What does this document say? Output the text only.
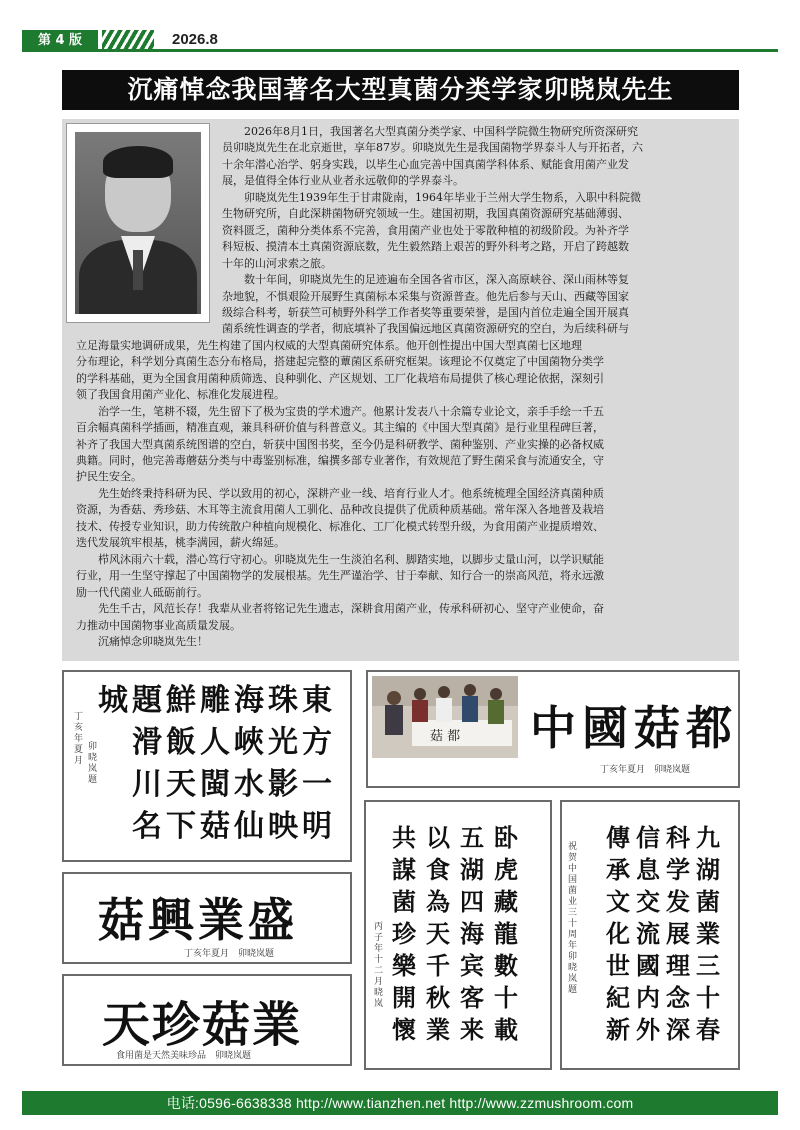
第 4 版	2026.8
沉痛悼念我国著名大型真菌分类学家卯晓岚先生
2026年8月1日，我国著名大型真菌分类学家、中国科学院微生物研究所资深研究
员卯晓岚先生在北京逝世，享年87岁。卯晓岚先生是我国菌物学界泰斗人与开拓者，六
十余年潜心治学、躬身实践，以毕生心血完善中国真菌学科体系、赋能食用菌产业发
展，是值得全体行业从业者永远敬仰的学界泰斗。
卯晓岚先生1939年生于甘肃陇南，1964年毕业于兰州大学生物系，入职中科院微
生物研究所，自此深耕菌物研究领域一生。建国初期，我国真菌资源研究基础薄弱、
资料匮乏，菌种分类体系不完善，食用菌产业也处于零散种植的初级阶段。为补齐学
科短板、摸清本土真菌资源底数，先生毅然踏上艰苦的野外科考之路，开启了跨越数
十年的山河求索之旅。
数十年间，卯晓岚先生的足迹遍布全国各省市区，深入高原峡谷、深山雨林等复
杂地貌，不惧艰险开展野生真菌标本采集与资源普查。他先后参与天山、西藏等国家
级综合科考，斩获竺可桢野外科学工作者奖等重要荣誉，是国内首位走遍全国开展真
菌系统性调查的学者，彻底填补了我国偏远地区真菌资源研究的空白，为后续科研与
立足海量实地调研成果，先生构建了国内权威的大型真菌研究体系。他开创性提出中国大型真菌七区地理
分布理论，科学划分真菌生态分布格局，搭建起完整的蕈菌区系研究框架。该理论不仅奠定了中国菌物分类学
的学科基础，更为全国食用菌种质筛选、良种驯化、产区规划、工厂化栽培布局提供了核心理论依据，深刻引
领了我国食用菌产业化、标准化发展进程。
治学一生，笔耕不辍，先生留下了极为宝贵的学术遗产。他累计发表八十余篇专业论文，亲手手绘一千五
百余幅真菌科学插画，精准直观，兼具科研价值与科普意义。其主编的《中国大型真菌》是行业里程碑巨著，
补齐了我国大型真菌系统图谱的空白，斩获中国图书奖，至今仍是科研教学、菌种鉴别、产业实操的必备权威
典籍。同时，他完善毒蘑菇分类与中毒鉴别标准，编撰多部专业著作，有效规范了野生菌采食与流通安全，守
护民生安全。
先生始终秉持科研为民、学以致用的初心，深耕产业一线、培育行业人才。他系统梳理全国经济真菌种质
资源，为香菇、秀珍菇、木耳等主流食用菌人工驯化、品种改良提供了优质种质基础。常年深入各地普及栽培
技术、传授专业知识，助力传统散户种植向规模化、标准化、工厂化模式转型升级，为食用菌产业提质增效、
迭代发展筑牢根基，桃李满园，薪火绵延。
栉风沐雨六十载，潜心笃行守初心。卯晓岚先生一生淡泊名利、脚踏实地，以脚步丈量山河，以学识赋能
行业，用一生坚守撑起了中国菌物学的发展根基。先生严谨治学、甘于奉献、知行合一的崇高风范，将永远激
励一代代菌业人砥砺前行。
先生千古，风范长存！我辈从业者将铭记先生遗志，深耕食用菌产业，传承科研初心、坚守产业使命，奋
力推动中国菌物事业高质量发展。
沉痛悼念卯晓岚先生！
東方一明
珠光影映
海峽水仙
雕人閩菇
鮮飯天下
題滑川名
城
丁亥年夏月
卯晓岚题
菇 都 中國菇都
丁亥年夏月　卯晓岚题
菇興業盛
丁亥年夏月　卯晓岚题
天珍菇業
食用菌是天然美味珍品　卯晓岚题
卧虎藏龍數十載
五湖四海宾客来
以食為天千秋業
共謀菌珍樂開懷
丙子年十二月　晓岚
九湖菌業三十春
科学发展理念深
信息交流國内外
傳承文化世紀新
祝贺中国菌业三十周年　卯晓岚题
电话:0596-6638338 http://www.tianzhen.net http://www.zzmushroom.com
